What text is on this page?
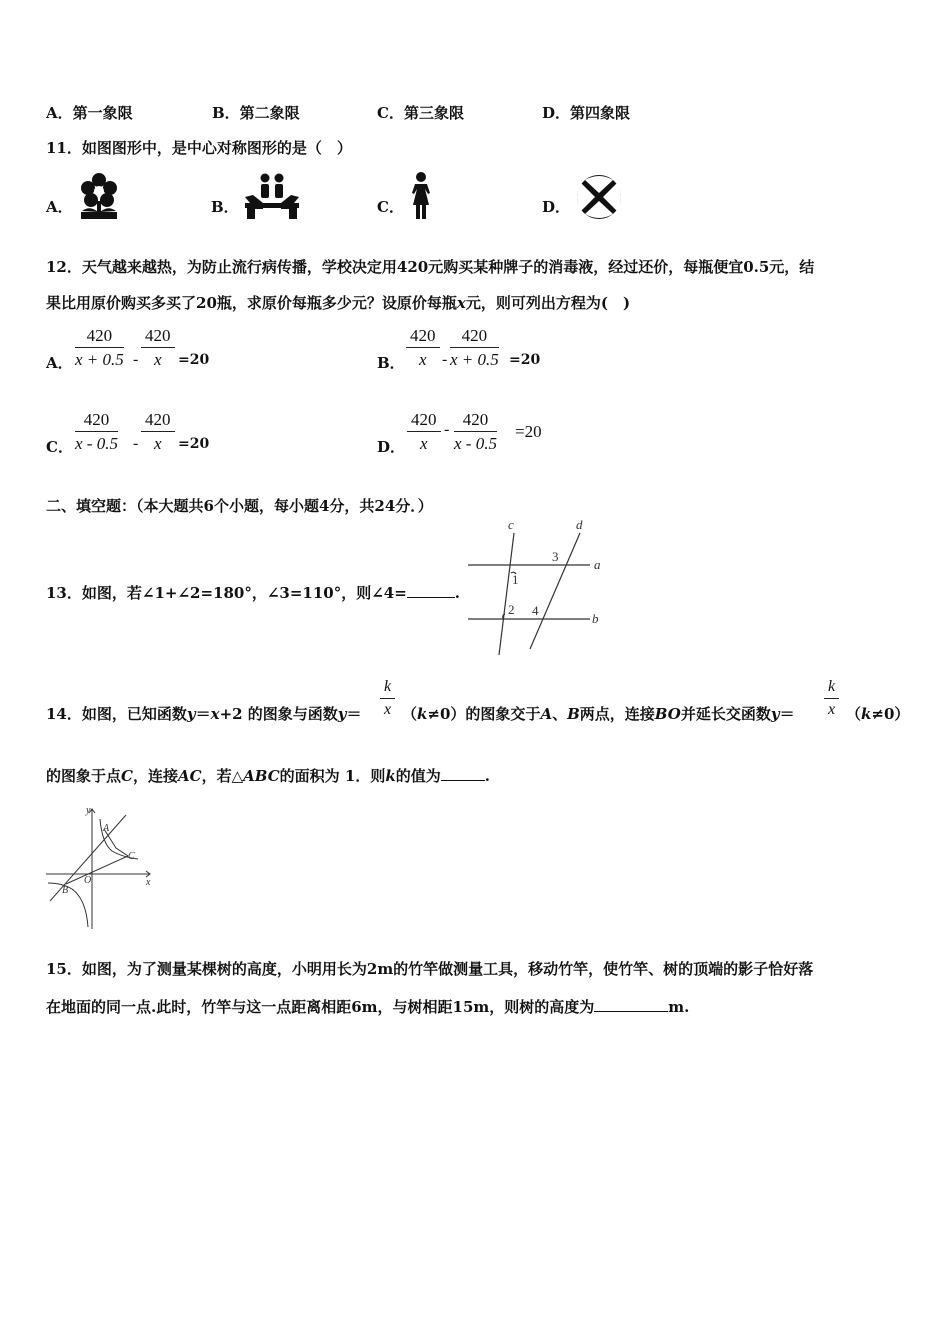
A．第一象限	B．第二象限	C．第三象限	D．第四象限
11．如图图形中，是中心对称图形的是（　）
A．	B．	C．	D．
12．天气越来越热，为防止流行病传播，学校决定用420元购买某种牌子的消毒液，经过还价，每瓶便宜0.5元，结
果比用原价购买多买了20瓶，求原价每瓶多少元？设原价每瓶x元，则可列出方程为(　)
A． $\frac{420}{x + 0.5} - \frac{420}{x} =20$	B． $\frac{420}{x} - \frac{420}{x + 0.5} =20$
C． $\frac{420}{x - 0.5} - \frac{420}{x} =20$	D． $\frac{420}{x} - \frac{420}{x - 0.5} =20$
二、填空题：（本大题共6个小题，每小题4分，共24分．）
13．如图，若∠1+∠2=180°，∠3=110°，则∠4=	.
c	d
a
b
1
2
3
4
14．如图，已知函数y＝x+2 的图象与函数$y= \frac{k}{x} (k\ne 0)$的图象交于A、B两点，连接BO并延长交函数$y= \frac{k}{x} (k\ne 0)$
的图象于点C，连接AC，若△ABC的面积为 1．则k的值为	.
y
x
O
A
B
C
15．如图，为了测量某棵树的高度，小明用长为2m的竹竿做测量工具，移动竹竿，使竹竿、树的顶端的影子恰好落
在地面的同一点.此时，竹竿与这一点距离相距6m，与树相距15m，则树的高度为	m.
